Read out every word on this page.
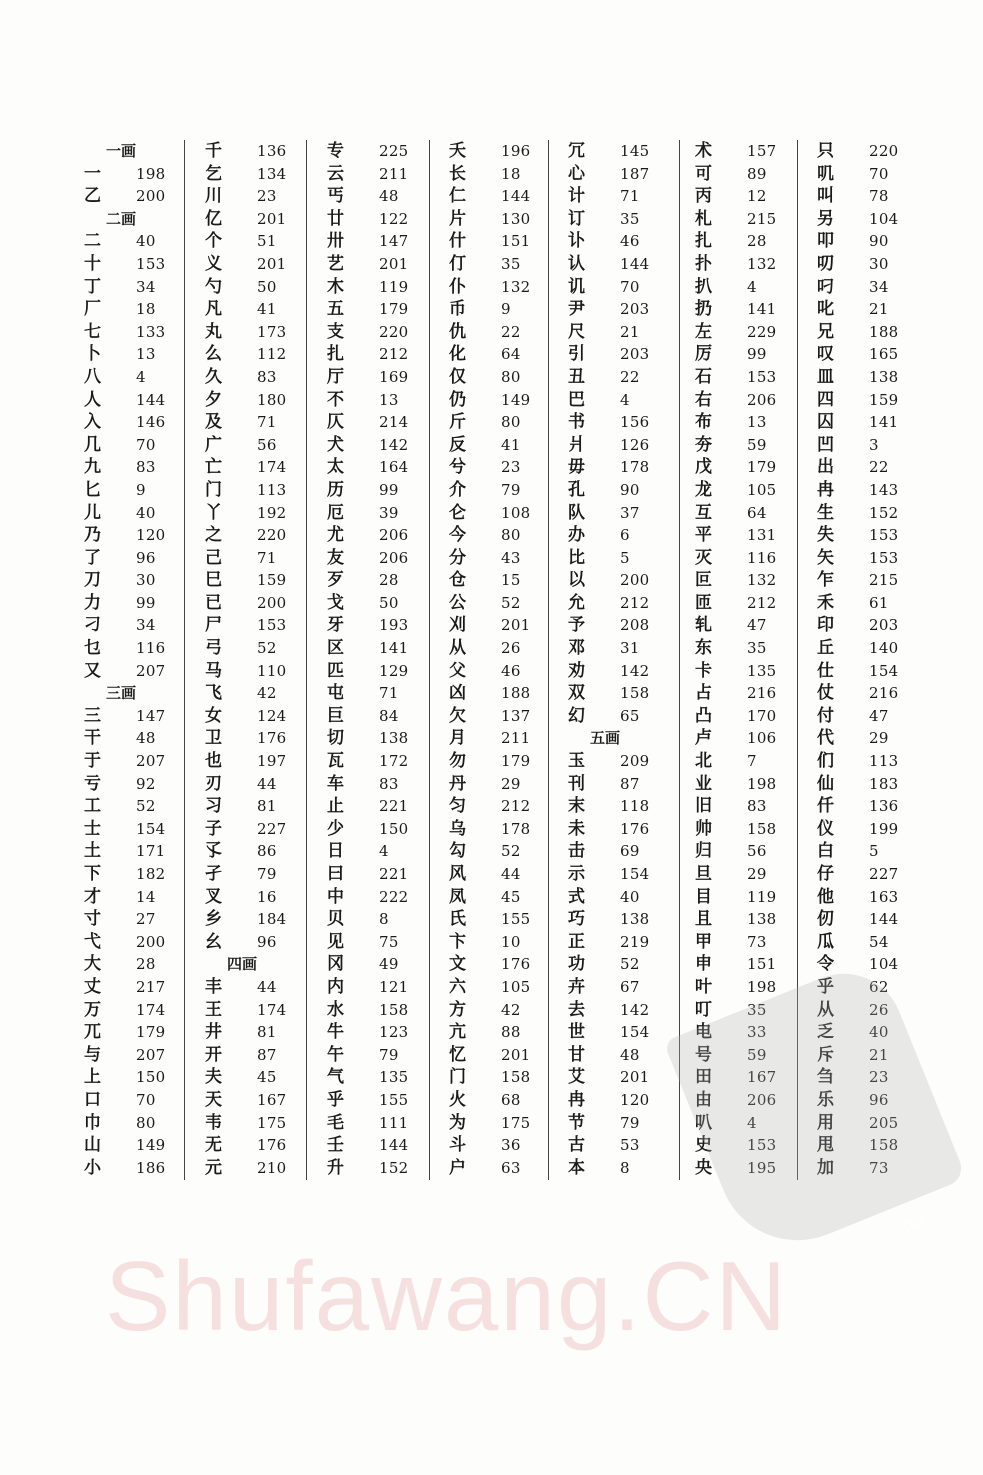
一画
一	198
乙	200
二画
二	40
十	153
丁	34
厂	18
七	133
卜	13
八	4
人	144
入	146
几	70
九	83
匕	9
儿	40
乃	120
了	96
刀	30
力	99
刁	34
乜	116
又	207
三画
三	147
干	48
于	207
亏	92
工	52
士	154
土	171
下	182
才	14
寸	27
弋	200
大	28
丈	217
万	174
兀	179
与	207
上	150
口	70
巾	80
山	149
小	186
千	136
乞	134
川	23
亿	201
个	51
义	201
勺	50
凡	41
丸	173
么	112
久	83
夕	180
及	71
广	56
亡	174
门	113
丫	192
之	220
己	71
巳	159
已	200
尸	153
弓	52
马	110
飞	42
女	124
卫	176
也	197
刃	44
习	81
子	227
孓	86
孑	79
叉	16
乡	184
幺	96
四画
丰	44
王	174
井	81
开	87
夫	45
天	167
韦	175
无	176
元	210
专	225
云	211
丐	48
廿	122
卅	147
艺	201
木	119
五	179
支	220
扎	212
厅	169
不	13
仄	214
犬	142
太	164
历	99
厄	39
尤	206
友	206
歹	28
戈	50
牙	193
区	141
匹	129
屯	71
巨	84
切	138
瓦	172
车	83
止	221
少	150
日	4
曰	221
中	222
贝	8
见	75
冈	49
内	121
水	158
牛	123
午	79
气	135
乎	155
毛	111
壬	144
升	152
夭	196
长	18
仁	144
片	130
什	151
仃	35
仆	132
币	9
仇	22
化	64
仅	80
仍	149
斤	80
反	41
兮	23
介	79
仑	108
今	80
分	43
仓	15
公	52
刈	201
从	26
父	46
凶	188
欠	137
月	211
勿	179
丹	29
匀	212
乌	178
勾	52
风	44
凤	45
氏	155
卞	10
文	176
六	105
方	42
亢	88
忆	201
门	158
火	68
为	175
斗	36
户	63
冗	145
心	187
计	71
订	35
讣	46
认	144
讥	70
尹	203
尺	21
引	203
丑	22
巴	4
书	156
爿	126
毋	178
孔	90
队	37
办	6
比	5
以	200
允	212
予	208
邓	31
劝	142
双	158
幻	65
五画
玉	209
刊	87
末	118
未	176
击	69
示	154
式	40
巧	138
正	219
功	52
卉	67
去	142
世	154
甘	48
艾	201
冉	120
节	79
古	53
本	8
术	157
可	89
丙	12
札	215
扎	28
扑	132
扒	4
扔	141
左	229
厉	99
石	153
右	206
布	13
夯	59
戊	179
龙	105
互	64
平	131
灭	116
叵	132
匝	212
轧	47
东	35
卡	135
占	216
凸	170
卢	106
北	7
业	198
旧	83
帅	158
归	56
旦	29
目	119
且	138
甲	73
申	151
叶	198
叮	35
电	33
号	59
田	167
由	206
叭	4
史	153
央	195
只	220
叽	70
叫	78
另	104
叩	90
叨	30
叼	34
叱	21
兄	188
叹	165
皿	138
四	159
囚	141
凹	3
出	22
冉	143
生	152
失	153
矢	153
乍	215
禾	61
印	203
丘	140
仕	154
仗	216
付	47
代	29
们	113
仙	183
仟	136
仪	199
白	5
仔	227
他	163
仞	144
瓜	54
令	104
乎	62
从	26
乏	40
斥	21
刍	23
乐	96
用	205
甩	158
加	73
PDG
Shufawang.CN
